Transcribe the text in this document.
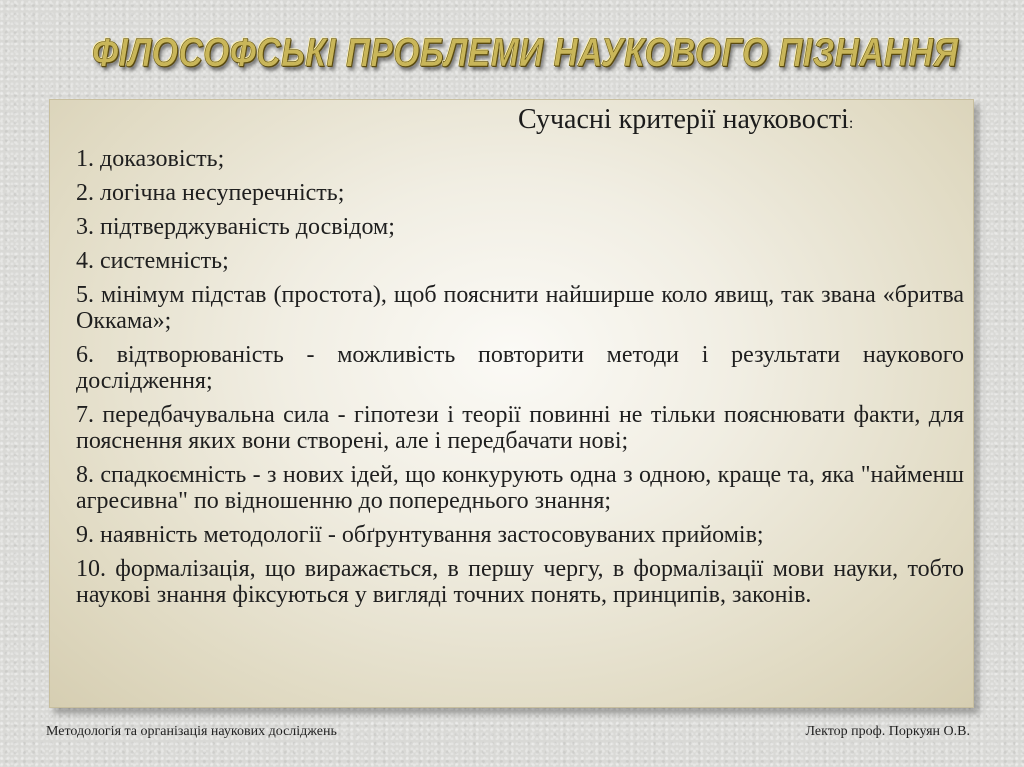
ФІЛОСОФСЬКІ ПРОБЛЕМИ НАУКОВОГО ПІЗНАННЯ
Сучасні критерії науковості:
1. доказовість;
2. логічна несуперечність;
3. підтверджуваність досвідом;
4. системність;
5. мінімум підстав (простота), щоб пояснити найширше коло явищ, так звана «бритва Оккама»;
6. відтворюваність - можливість повторити методи і результати наукового дослідження;
7. передбачувальна сила - гіпотези і теорії повинні не тільки пояснювати факти, для пояснення яких вони створені, але і передбачати нові;
8. спадкоємність - з нових ідей, що конкурують одна з одною, краще та, яка "найменш агресивна" по відношенню до попереднього знання;
9. наявність методології - обґрунтування застосовуваних прийомів;
10. формалізація, що виражається, в першу чергу, в формалізації мови науки, тобто наукові знання фіксуються у вигляді точних понять, принципів, законів.
Методологія та організація наукових досліджень	Лектор проф. Поркуян О.В.
